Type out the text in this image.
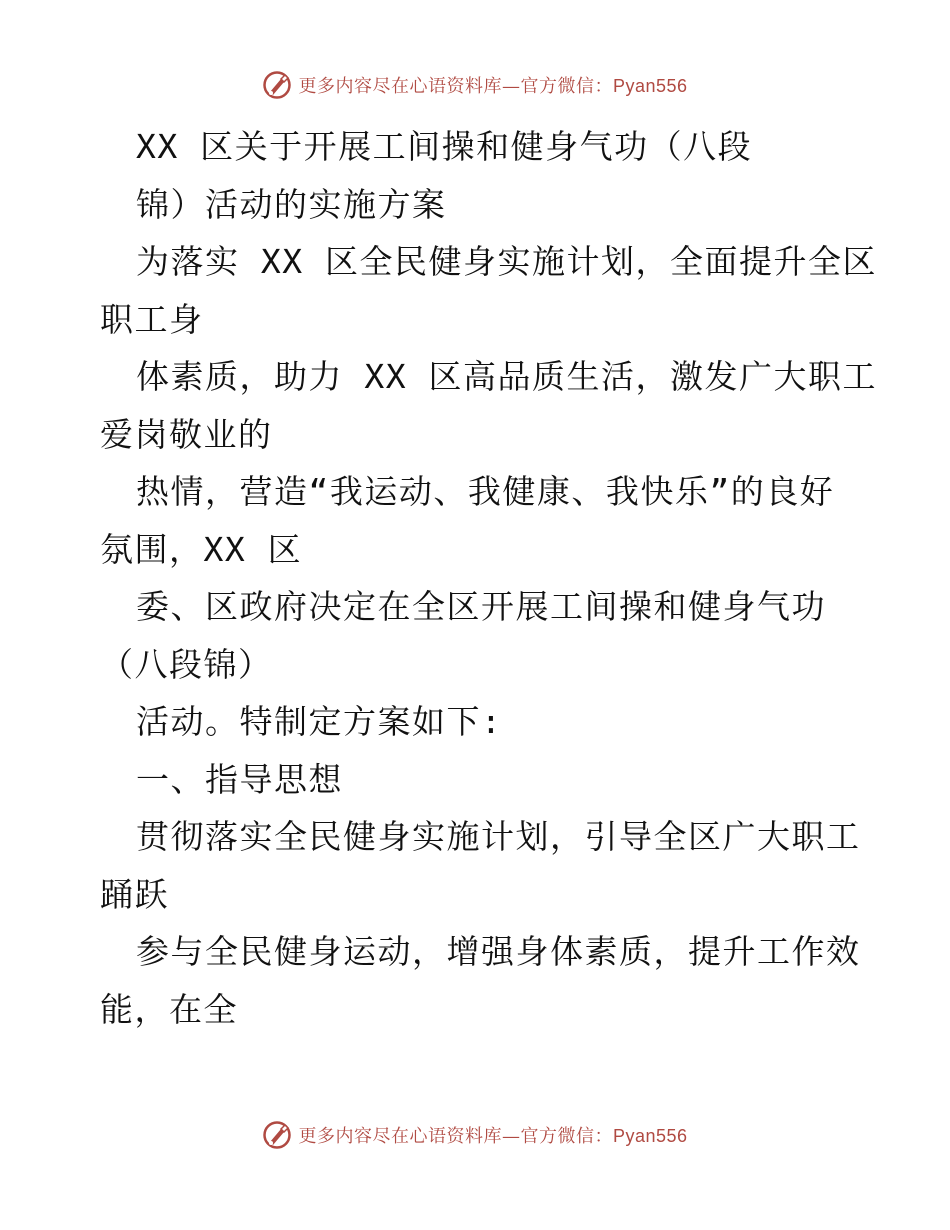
更多内容尽在心语资料库—官方微信：Pyan556
XX 区关于开展工间操和健身气功（八段
锦）活动的实施方案
为落实 XX 区全民健身实施计划，全面提升全区
职工身
体素质，助力 XX 区高品质生活，激发广大职工
爱岗敬业的
热情，营造“我运动、我健康、我快乐”的良好
氛围，XX 区
委、区政府决定在全区开展工间操和健身气功
（八段锦）
活动。特制定方案如下:
一、指导思想
贯彻落实全民健身实施计划，引导全区广大职工
踊跃
参与全民健身运动，增强身体素质，提升工作效
能，在全
更多内容尽在心语资料库—官方微信：Pyan556
